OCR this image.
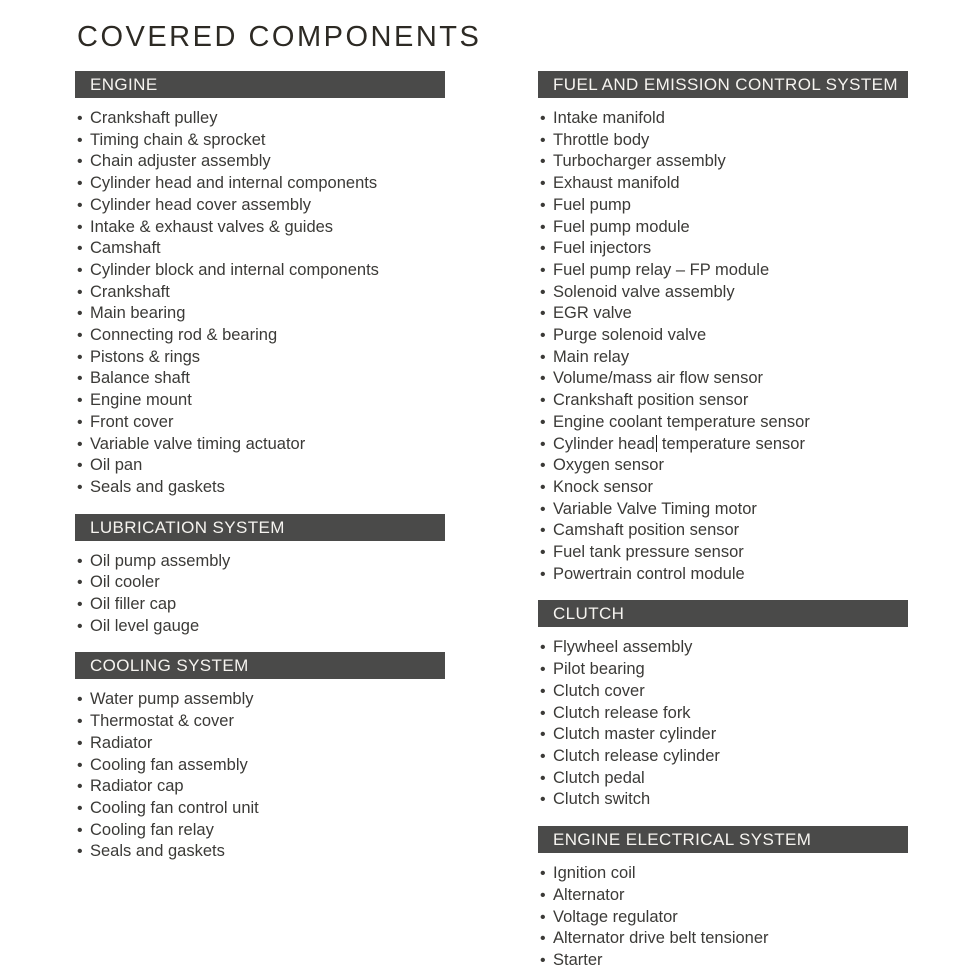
COVERED COMPONENTS
ENGINE
• Crankshaft pulley
• Timing chain & sprocket
• Chain adjuster assembly
• Cylinder head and internal components
• Cylinder head cover assembly
• Intake & exhaust valves & guides
• Camshaft
• Cylinder block and internal components
• Crankshaft
• Main bearing
• Connecting rod & bearing
• Pistons & rings
• Balance shaft
• Engine mount
• Front cover
• Variable valve timing actuator
• Oil pan
• Seals and gaskets
LUBRICATION SYSTEM
• Oil pump assembly
• Oil cooler
• Oil filler cap
• Oil level gauge
COOLING SYSTEM
• Water pump assembly
• Thermostat & cover
• Radiator
• Cooling fan assembly
• Radiator cap
• Cooling fan control unit
• Cooling fan relay
• Seals and gaskets
FUEL AND EMISSION CONTROL SYSTEM
• Intake manifold
• Throttle body
• Turbocharger assembly
• Exhaust manifold
• Fuel pump
• Fuel pump module
• Fuel injectors
• Fuel pump relay – FP module
• Solenoid valve assembly
• EGR valve
• Purge solenoid valve
• Main relay
• Volume/mass air flow sensor
• Crankshaft position sensor
• Engine coolant temperature sensor
• Cylinder head temperature sensor
• Oxygen sensor
• Knock sensor
• Variable Valve Timing motor
• Camshaft position sensor
• Fuel tank pressure sensor
• Powertrain control module
CLUTCH
• Flywheel assembly
• Pilot bearing
• Clutch cover
• Clutch release fork
• Clutch master cylinder
• Clutch release cylinder
• Clutch pedal
• Clutch switch
ENGINE ELECTRICAL SYSTEM
• Ignition coil
• Alternator
• Voltage regulator
• Alternator drive belt tensioner
• Starter
